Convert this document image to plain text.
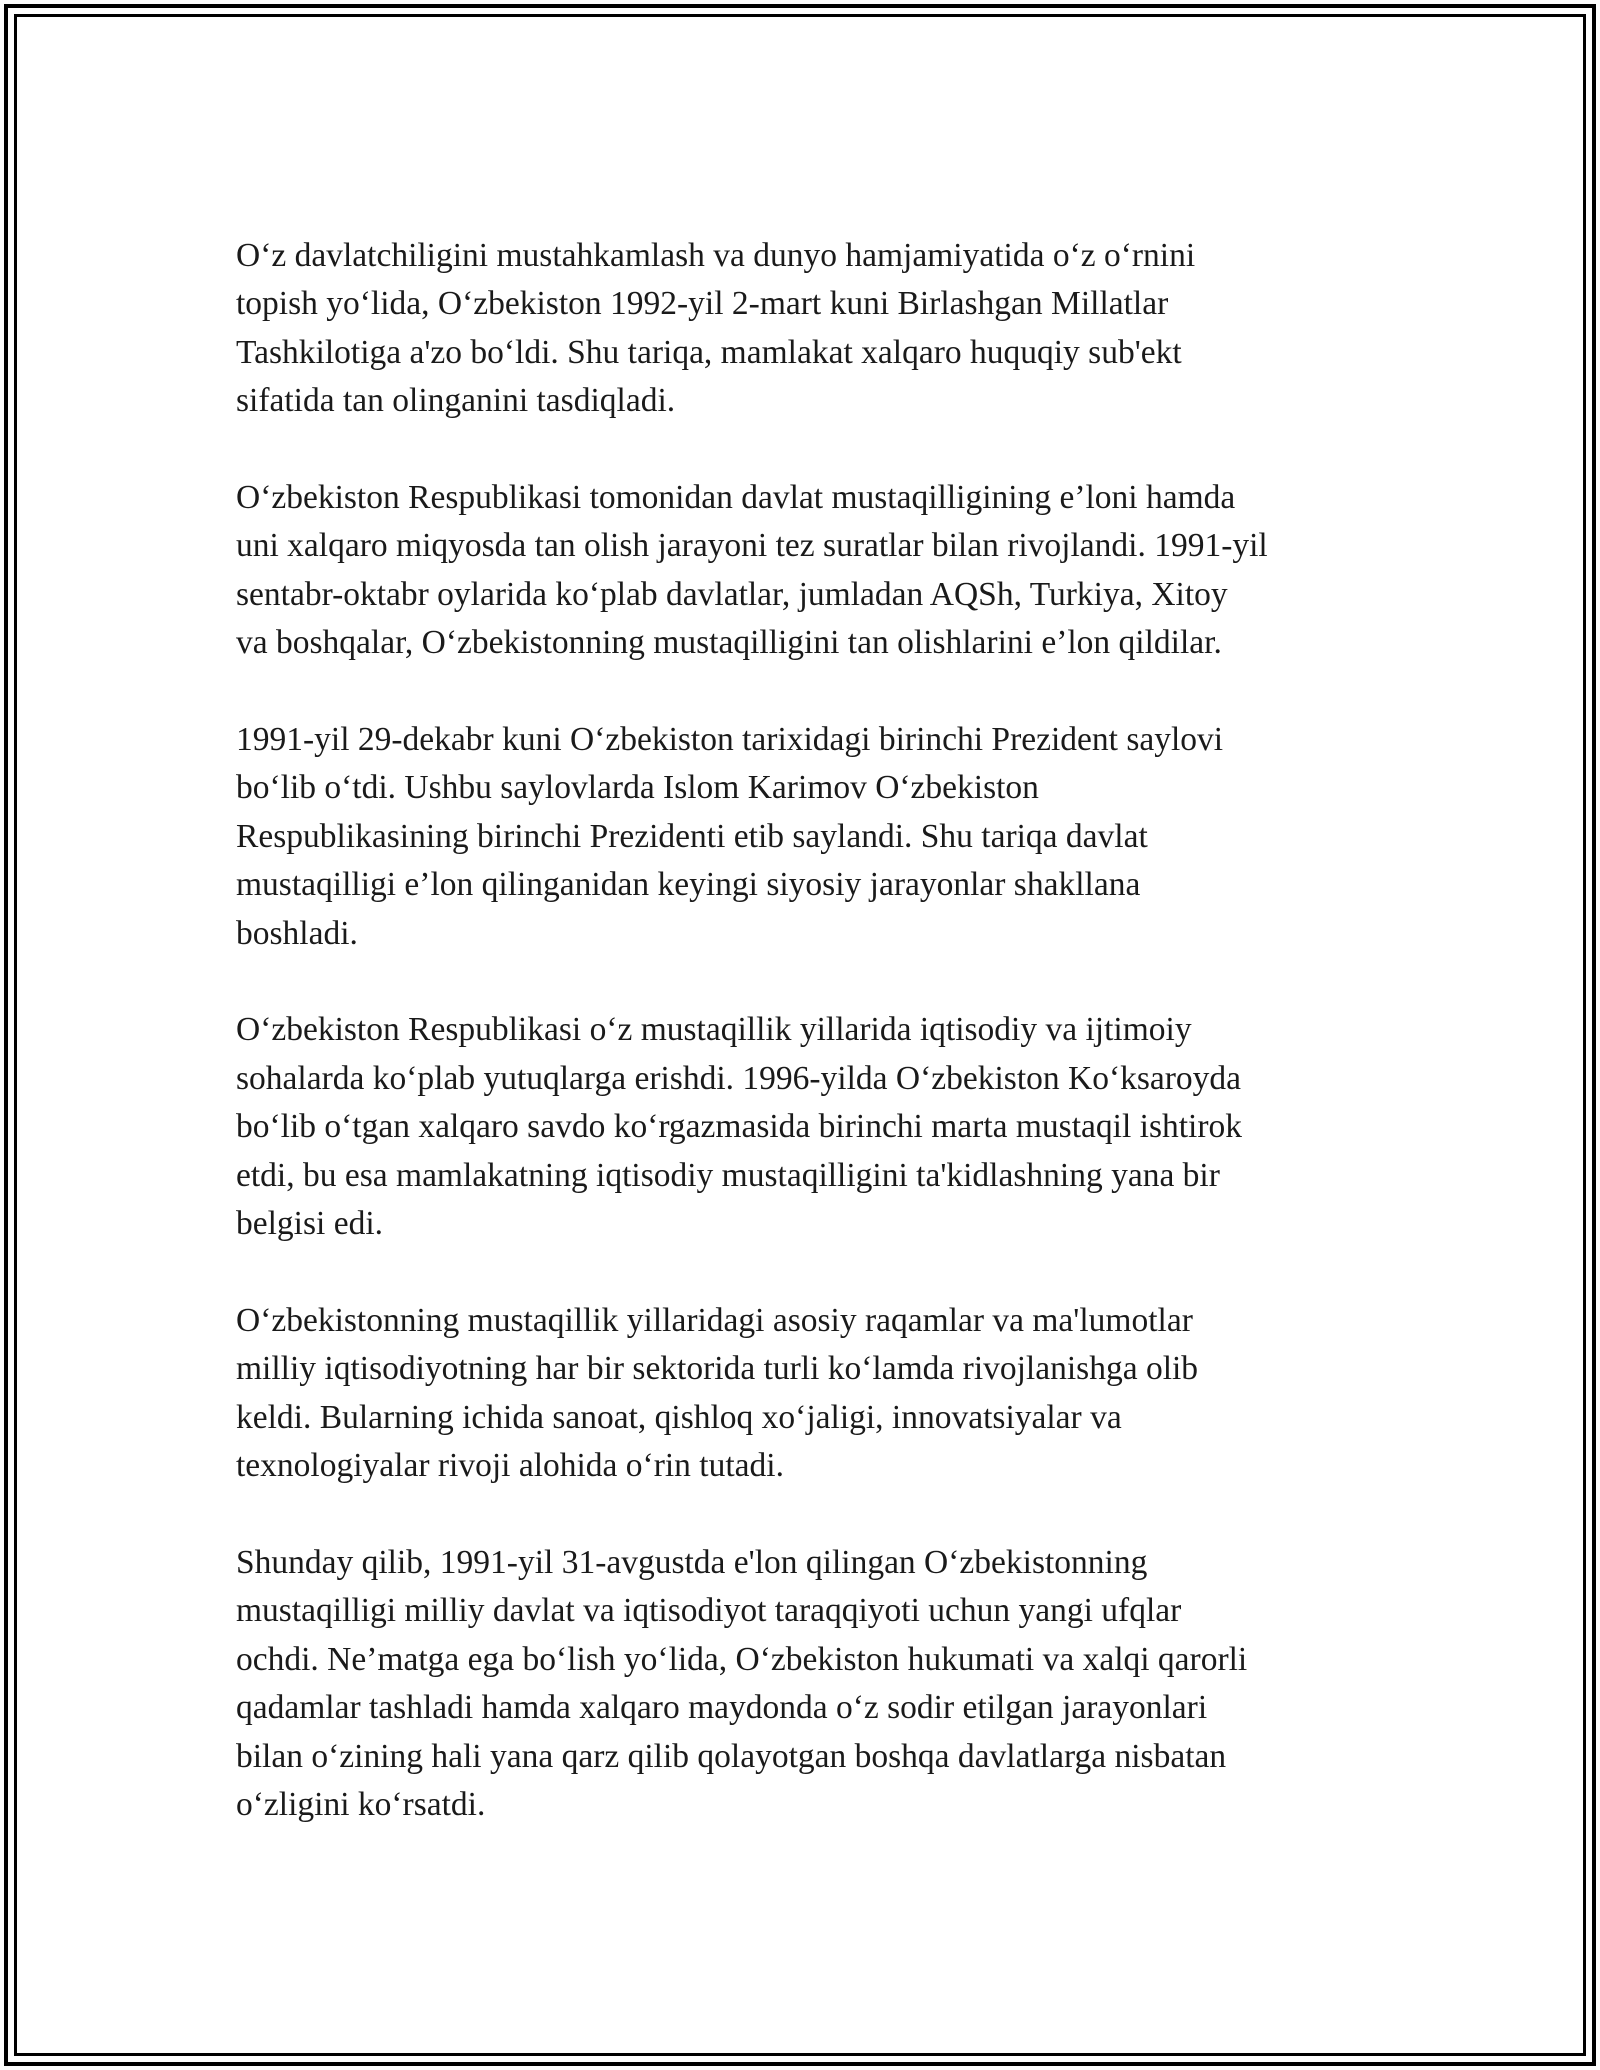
Oʻz davlatchiligini mustahkamlash va dunyo hamjamiyatida oʻz oʻrnini
topish yoʻlida, Oʻzbekiston 1992-yil 2-mart kuni Birlashgan Millatlar
Tashkilotiga a'zo boʻldi. Shu tariqa, mamlakat xalqaro huquqiy sub'ekt
sifatida tan olinganini tasdiqladi.

Oʻzbekiston Respublikasi tomonidan davlat mustaqilligining e’loni hamda
uni xalqaro miqyosda tan olish jarayoni tez suratlar bilan rivojlandi. 1991-yil
sentabr-oktabr oylarida koʻplab davlatlar, jumladan AQSh, Turkiya, Xitoy
va boshqalar, Oʻzbekistonning mustaqilligini tan olishlarini e’lon qildilar.

1991-yil 29-dekabr kuni Oʻzbekiston tarixidagi birinchi Prezident saylovi
boʻlib oʻtdi. Ushbu saylovlarda Islom Karimov Oʻzbekiston
Respublikasining birinchi Prezidenti etib saylandi. Shu tariqa davlat
mustaqilligi e’lon qilinganidan keyingi siyosiy jarayonlar shakllana
boshladi.

Oʻzbekiston Respublikasi oʻz mustaqillik yillarida iqtisodiy va ijtimoiy
sohalarda koʻplab yutuqlarga erishdi. 1996-yilda Oʻzbekiston Koʻksaroyda
boʻlib oʻtgan xalqaro savdo koʻrgazmasida birinchi marta mustaqil ishtirok
etdi, bu esa mamlakatning iqtisodiy mustaqilligini ta'kidlashning yana bir
belgisi edi.

Oʻzbekistonning mustaqillik yillaridagi asosiy raqamlar va ma'lumotlar
milliy iqtisodiyotning har bir sektorida turli koʻlamda rivojlanishga olib
keldi. Bularning ichida sanoat, qishloq xoʻjaligi, innovatsiyalar va
texnologiyalar rivoji alohida oʻrin tutadi.

Shunday qilib, 1991-yil 31-avgustda e'lon qilingan Oʻzbekistonning
mustaqilligi milliy davlat va iqtisodiyot taraqqiyoti uchun yangi ufqlar
ochdi. Ne’matga ega boʻlish yoʻlida, Oʻzbekiston hukumati va xalqi qarorli
qadamlar tashladi hamda xalqaro maydonda oʻz sodir etilgan jarayonlari
bilan oʻzining hali yana qarz qilib qolayotgan boshqa davlatlarga nisbatan
oʻzligini koʻrsatdi.
